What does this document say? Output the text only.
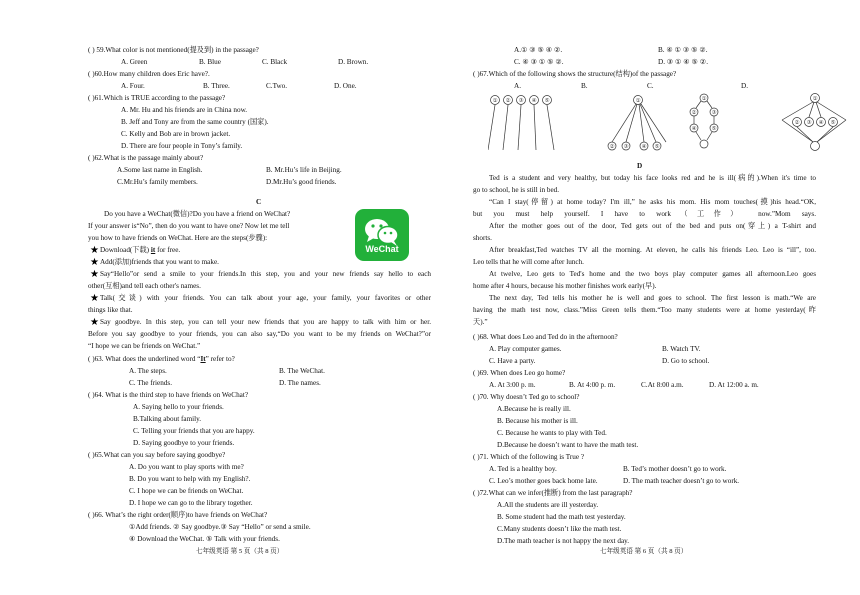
( ) 59.What color is not mentioned(提及到) in the passage?
A. Green	B. Blue	C. Black	D. Brown.
( )60.How many children does Eric have?.
A. Four.	B. Three.	C.Two.	D. One.
( )61.Which is TRUE according to the passage?
A. Mr. Hu and his friends are in China now.
B. Jeff and Tony are from the same country (国家).
C. Kelly and Bob are in brown jacket.
D. There are four people in Tony’s family.
( )62.What is the passage mainly about?
A.Some last name in English.	B. Mr.Hu’s life in Beijing.
C.Mr.Hu’s family members.	D.Mr.Hu’s good friends.
C
Do you have a WeChat(微信)?Do you have a friend on WeChat?
If your answer is“No”, then do you want to have one? Now let me tell
you how to have friends on WeChat. Here are the steps(步骤):
WeChat
★Download(下载) it for free.
★Add(添加)friends that you want to make.
★Say“Hello”or send a smile to your friends.In this step, you and your new friends say hello to each
other(互相)and tell each other's names.
★Talk(交谈) with your friends. You can talk about your age, your family, your favorites or other
things like that.
★Say goodbye. In this step, you can tell your new friends that you are happy to talk with him or her.
Before you say goodbye to your friends, you can also say,“Do you want to be my friends on WeChat?”or
“I hope we can be friends on WeChat.”
( )63. What does the underlined word “It” refer to?
A. The steps.	B. The WeChat.
C. The friends.	D. The names.
( )64. What is the third step to have friends on WeChat?
A. Saying hello to your friends.
B.Talking about family.
C. Telling your friends that you are happy.
D. Saying goodbye to your friends.
( )65.What can you say before saying goodbye?
A. Do you want to play sports with me?
B. Do you want to help with my English?.
C. I hope we can be friends on WeChat.
D. I hope we can go to the library together.
( )66. What’s the right order(顺序)to have friends on WeChat?
①Add friends. ② Say goodbye.③ Say “Hello” or send a smile.
④ Download the WeChat. ⑤ Talk with your friends.
七年级英语 第 5 页（共 8 页）
A.① ③ ⑤ ④ ②.	B. ④ ① ③ ⑤ ②.
C. ④ ③ ① ⑤ ②.	D. ③ ① ④ ⑤ ②.
( )67.Which of the following shows the structure(结构)of the passage?
A.	B.	C.	D.
① ② ③ ④ ⑤	①
② ③ ④ ⑤
①
②	③
④	⑤
①
② ③ ④ ⑤
D
Ted is a student and very healthy, but today his face looks red and he is ill(病的).When it's time to
go to school, he is still in bed.
“Can I stay(停留) at home today? I'm ill,” he asks his mom. His mom touches(摸)his head.“OK,
but you must help yourself. I have to work（工作） now.”Mom says.
After the mother goes out of the door, Ted gets out of the bed and puts on(穿上) a T-shirt and
shorts.
After breakfast,Ted watches TV all the morning. At eleven, he calls his friends Leo. Leo is “ill”, too.
Leo tells that he will come after lunch.
At twelve, Leo gets to Ted's home and the two boys play computer games all afternoon.Leo goes
home after 4 hours, because his mother finishes work early(早).
The next day, Ted tells his mother he is well and goes to school. The first lesson is math.“We are
having the math test now, class.”Miss Green tells them.“Too many students were at home yesterday(昨
天).”
( )68. What does Leo and Ted do in the afternoon?
A. Play computer games.	B. Watch TV.
C. Have a party.	D. Go to school.
( )69. When does Leo go home?
A. At 3:00 p. m.	B. At 4:00 p. m.	C.At 8:00 a.m.	D. At 12:00 a. m.
( )70. Why doesn’t Ted go to school?
A.Because he is really ill.
B. Because his mother is ill.
C. Because he wants to play with Ted.
D.Because he doesn’t want to have the math test.
( )71. Which of the following is True ?
A. Ted is a healthy boy.	B. Ted’s mother doesn’t go to work.
C. Leo’s mother goes back home late.	D. The math teacher doesn’t go to work.
( )72.What can we infer(推断) from the last paragraph?
A.All the students are ill yesterday.
B. Some student had the math test yesterday.
C.Many students doesn’t like the math test.
D.The math teacher is not happy the next day.
七年级英语 第 6 页（共 8 页）
